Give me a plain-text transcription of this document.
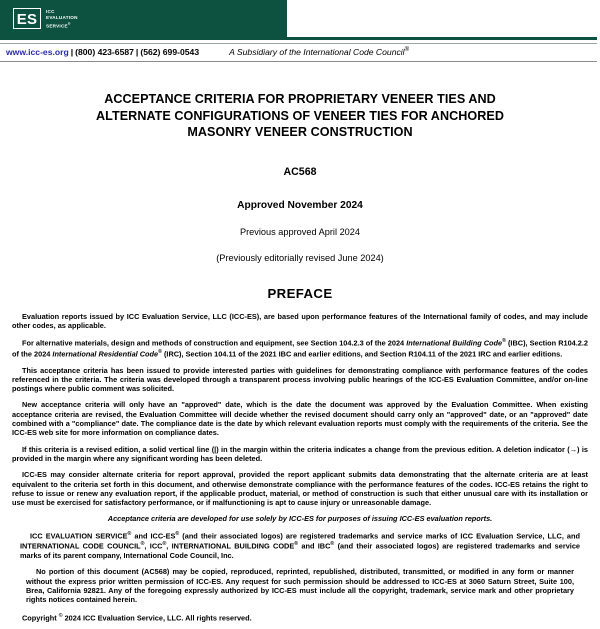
ES	ICC
EVALUATION
SERVICE®
www.icc-es.org | (800) 423-6587 | (562) 699-0543	A Subsidiary of the International Code Council®
ACCEPTANCE CRITERIA FOR PROPRIETARY VENEER TIES AND
ALTERNATE CONFIGURATIONS OF VENEER TIES FOR ANCHORED
MASONRY VENEER CONSTRUCTION

AC568

Approved November 2024

Previous approved April 2024

(Previously editorially revised June 2024)

PREFACE

Evaluation reports issued by ICC Evaluation Service, LLC (ICC-ES), are based upon performance features of the International family of codes, and may include other codes, as applicable.

For alternative materials, design and methods of construction and equipment, see Section 104.2.3 of the 2024 International Building Code® (IBC), Section R104.2.2 of the 2024 International Residential Code® (IRC), Section 104.11 of the 2021 IBC and earlier editions, and Section R104.11 of the 2021 IRC and earlier editions.

This acceptance criteria has been issued to provide interested parties with guidelines for demonstrating compliance with performance features of the codes referenced in the criteria. The criteria was developed through a transparent process involving public hearings of the ICC-ES Evaluation Committee, and/or on-line postings where public comment was solicited.

New acceptance criteria will only have an "approved" date, which is the date the document was approved by the Evaluation Committee. When existing acceptance criteria are revised, the Evaluation Committee will decide whether the revised document should carry only an "approved" date, or an "approved" date combined with a "compliance" date. The compliance date is the date by which relevant evaluation reports must comply with the requirements of the criteria. See the ICC-ES web site for more information on compliance dates.

If this criteria is a revised edition, a solid vertical line (|) in the margin within the criteria indicates a change from the previous edition. A deletion indicator (→) is provided in the margin where any significant wording has been deleted.

ICC-ES may consider alternate criteria for report approval, provided the report applicant submits data demonstrating that the alternate criteria are at least equivalent to the criteria set forth in this document, and otherwise demonstrate compliance with the performance features of the codes. ICC-ES retains the right to refuse to issue or renew any evaluation report, if the applicable product, material, or method of construction is such that either unusual care with its installation or use must be exercised for satisfactory performance, or if malfunctioning is apt to cause injury or unreasonable damage.

Acceptance criteria are developed for use solely by ICC-ES for purposes of issuing ICC-ES evaluation reports.

ICC EVALUATION SERVICE® and ICC-ES® (and their associated logos) are registered trademarks and service marks of ICC Evaluation Service, LLC, and INTERNATIONAL CODE COUNCIL®, ICC®, INTERNATIONAL BUILDING CODE® and IBC® (and their associated logos) are registered trademarks and service marks of its parent company, International Code Council, Inc.

No portion of this document (AC568) may be copied, reproduced, reprinted, republished, distributed, transmitted, or modified in any form or manner without the express prior written permission of ICC-ES. Any request for such permission should be addressed to ICC-ES at 3060 Saturn Street, Suite 100, Brea, California 92821. Any of the foregoing expressly authorized by ICC-ES must include all the copyright, trademark, service mark and other proprietary rights notices contained herein.

Copyright © 2024 ICC Evaluation Service, LLC. All rights reserved.
